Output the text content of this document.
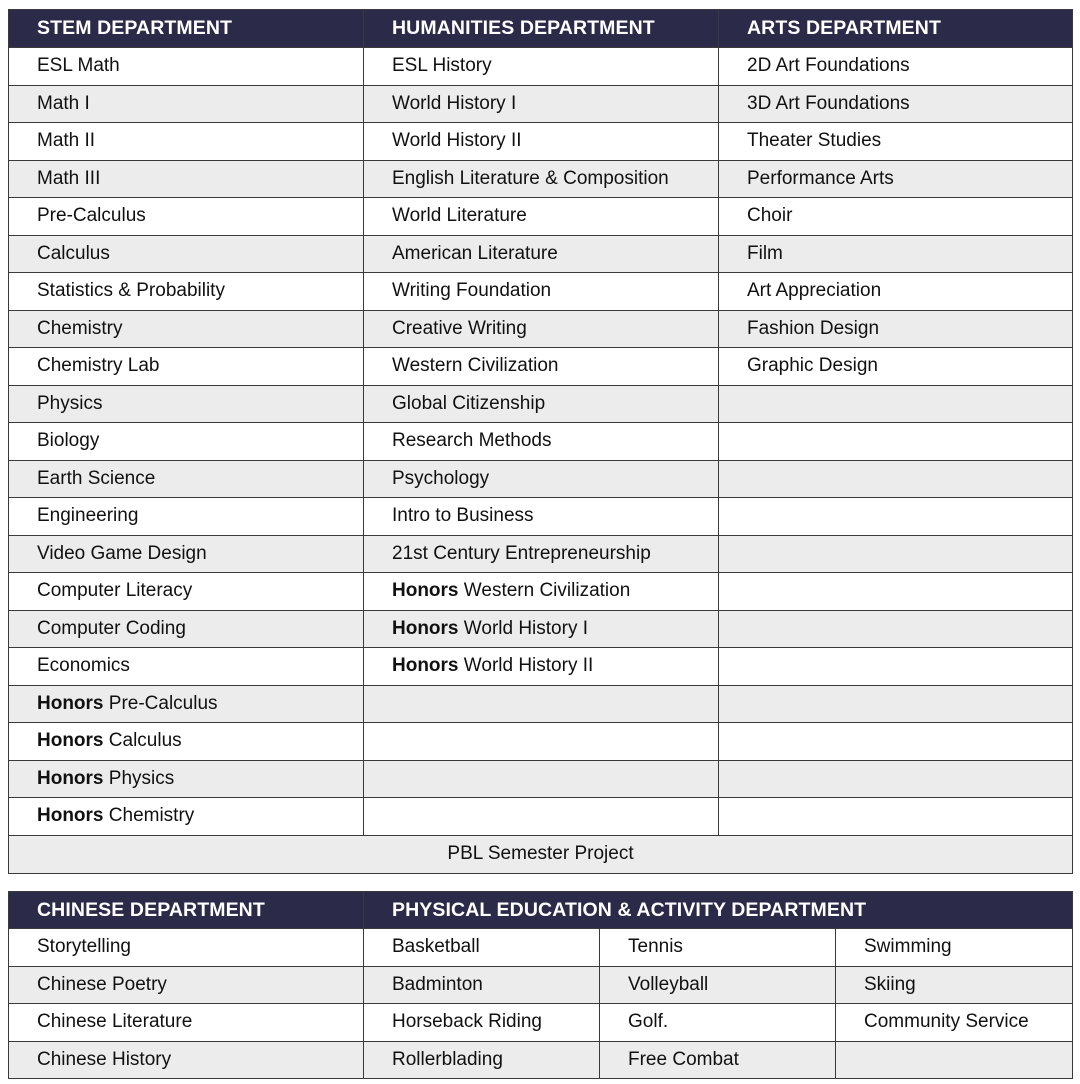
STEM DEPARTMENT	HUMANITIES DEPARTMENT	ARTS DEPARTMENT
ESL Math	ESL History	2D Art Foundations
Math I	World History I	3D Art Foundations
Math II	World History II	Theater Studies
Math III	English Literature & Composition	Performance Arts
Pre-Calculus	World Literature	Choir
Calculus	American Literature	Film
Statistics & Probability	Writing Foundation	Art Appreciation
Chemistry	Creative Writing	Fashion Design
Chemistry Lab	Western Civilization	Graphic Design
Physics	Global Citizenship	
Biology	Research Methods	
Earth Science	Psychology	
Engineering	Intro to Business	
Video Game Design	21st Century Entrepreneurship	
Computer Literacy	Honors Western Civilization	
Computer Coding	Honors World History I	
Economics	Honors World History II	
Honors Pre-Calculus		
Honors Calculus		
Honors Physics		
Honors Chemistry		
PBL Semester Project		
CHINESE DEPARTMENT	PHYSICAL EDUCATION & ACTIVITY DEPARTMENT		
Storytelling	Basketball	Tennis	Swimming
Chinese Poetry	Badminton	Volleyball	Skiing
Chinese Literature	Horseback Riding	Golf.	Community Service
Chinese History	Rollerblading	Free Combat	
